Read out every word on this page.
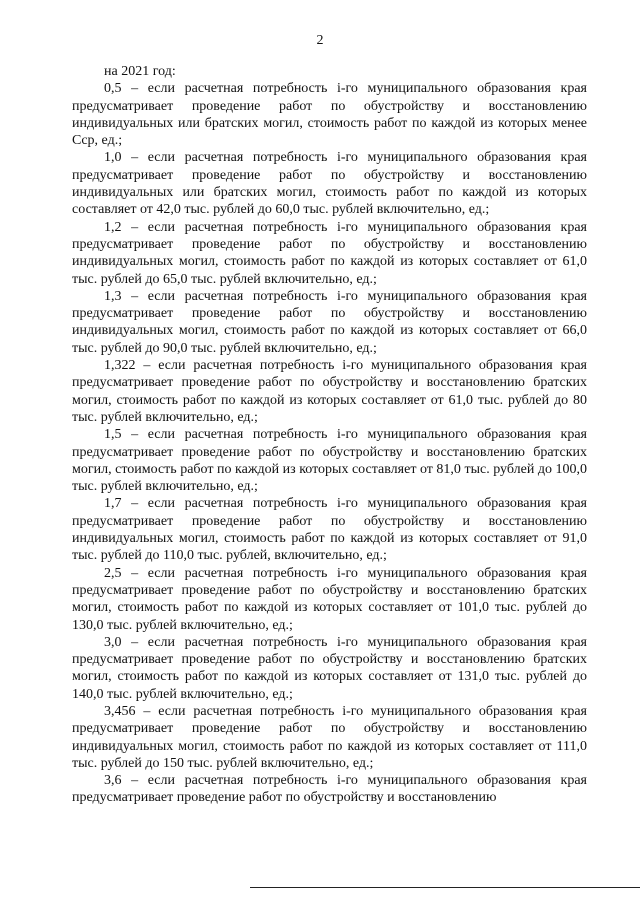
2

на 2021 год:

0,5 – если расчетная потребность i-го муниципального образования края предусматривает проведение работ по обустройству и восстановлению индивидуальных или братских могил, стоимость работ по каждой из которых менее Cср, ед.;

1,0 – если расчетная потребность i-го муниципального образования края предусматривает проведение работ по обустройству и восстановлению индивидуальных или братских могил, стоимость работ по каждой из которых составляет от 42,0 тыс. рублей до 60,0 тыс. рублей включительно, ед.;

1,2 – если расчетная потребность i-го муниципального образования края предусматривает проведение работ по обустройству и восстановлению индивидуальных могил, стоимость работ по каждой из которых составляет от 61,0 тыс. рублей до 65,0 тыс. рублей включительно, ед.;

1,3 – если расчетная потребность i-го муниципального образования края предусматривает проведение работ по обустройству и восстановлению индивидуальных могил, стоимость работ по каждой из которых составляет от 66,0 тыс. рублей до 90,0 тыс. рублей включительно, ед.;

1,322 – если расчетная потребность i-го муниципального образования края предусматривает проведение работ по обустройству и восстановлению братских могил, стоимость работ по каждой из которых составляет от 61,0 тыс. рублей до 80 тыс. рублей включительно, ед.;

1,5 – если расчетная потребность i-го муниципального образования края предусматривает проведение работ по обустройству и восстановлению братских могил, стоимость работ по каждой из которых составляет от 81,0 тыс. рублей до 100,0 тыс. рублей включительно, ед.;

1,7 – если расчетная потребность i-го муниципального образования края предусматривает проведение работ по обустройству и восстановлению индивидуальных могил, стоимость работ по каждой из которых составляет от 91,0 тыс. рублей до 110,0 тыс. рублей, включительно, ед.;

2,5 – если расчетная потребность i-го муниципального образования края предусматривает проведение работ по обустройству и восстановлению братских могил, стоимость работ по каждой из которых составляет от 101,0 тыс. рублей до 130,0 тыс. рублей включительно, ед.;

3,0 – если расчетная потребность i-го муниципального образования края предусматривает проведение работ по обустройству и восстановлению братских могил, стоимость работ по каждой из которых составляет от 131,0 тыс. рублей до 140,0 тыс. рублей включительно, ед.;

3,456 – если расчетная потребность i-го муниципального образования края предусматривает проведение работ по обустройству и восстановлению индивидуальных могил, стоимость работ по каждой из которых составляет от 111,0 тыс. рублей до 150 тыс. рублей включительно, ед.;

3,6 – если расчетная потребность i-го муниципального образования края предусматривает проведение работ по обустройству и восстановлению
